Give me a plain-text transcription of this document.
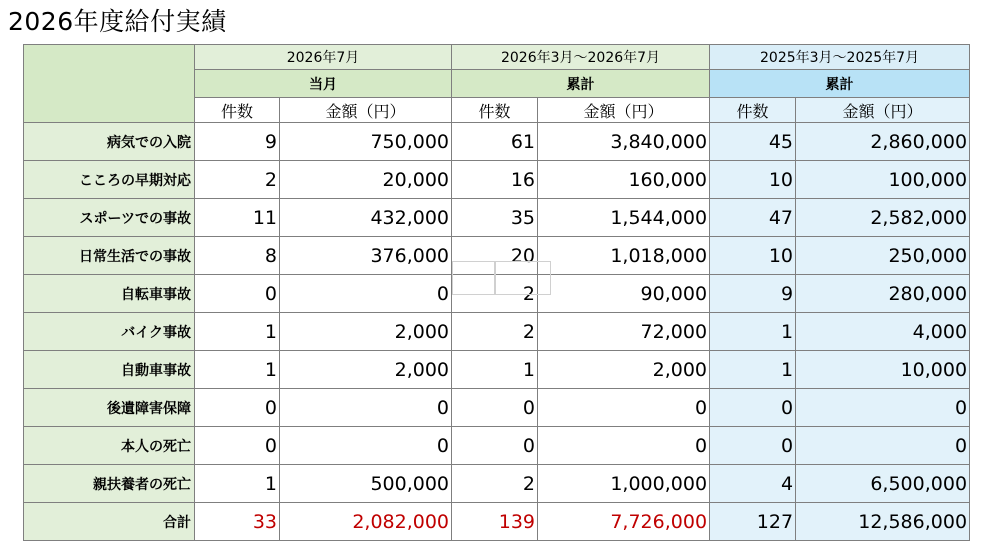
2026年度給付実績
	2026年7月		2026年3月～2026年7月		2025年3月～2025年7月	
	当月		累計		累計	
	件数	金額（円）	件数	金額（円）	件数	金額（円）
病気での入院	9	750,000	61	3,840,000	45	2,860,000
こころの早期対応	2	20,000	16	160,000	10	100,000
スポーツでの事故	11	432,000	35	1,544,000	47	2,582,000
日常生活での事故	8	376,000	20	1,018,000	10	250,000
自転車事故	0	0	2	90,000	9	280,000
バイク事故	1	2,000	2	72,000	1	4,000
自動車事故	1	2,000	1	2,000	1	10,000
後遺障害保障	0	0	0	0	0	0
本人の死亡	0	0	0	0	0	0
親扶養者の死亡	1	500,000	2	1,000,000	4	6,500,000
合計	33	2,082,000	139	7,726,000	127	12,586,000
